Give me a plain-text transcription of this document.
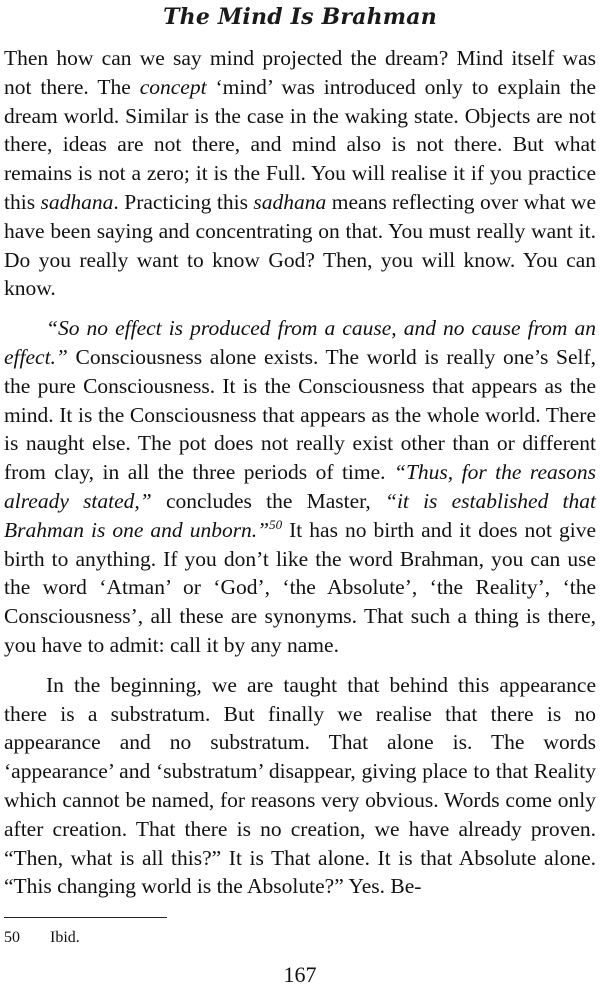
The Mind Is Brahman

Then how can we say mind projected the dream? Mind itself was not there. The concept ‘mind’ was introduced only to explain the dream world. Similar is the case in the waking state. Objects are not there, ideas are not there, and mind also is not there. But what remains is not a zero; it is the Full. You will realise it if you practice this sadhana. Practicing this sadhana means reflecting over what we have been saying and concentrating on that. You must really want it. Do you really want to know God? Then, you will know. You can know.

“So no effect is produced from a cause, and no cause from an effect.” Consciousness alone exists. The world is really one’s Self, the pure Consciousness. It is the Consciousness that appears as the mind. It is the Consciousness that appears as the whole world. There is naught else. The pot does not really exist other than or different from clay, in all the three periods of time. “Thus, for the reasons already stated,” concludes the Master, “it is established that Brahman is one and unborn.”$^{50}$ It has no birth and it does not give birth to anything. If you don’t like the word Brahman, you can use the word ‘Atman’ or ‘God’, ‘the Absolute’, ‘the Reality’, ‘the Consciousness’, all these are synonyms. That such a thing is there, you have to admit: call it by any name.

In the beginning, we are taught that behind this appearance there is a substratum. But finally we realise that there is no appearance and no substratum. That alone is. The words ‘appearance’ and ‘substratum’ disappear, giving place to that Reality which cannot be named, for reasons very obvious. Words come only after creation. That there is no creation, we have already proven. “Then, what is all this?” It is That alone. It is that Absolute alone. “This changing world is the Absolute?” Yes. Be-

50 Ibid.
167
